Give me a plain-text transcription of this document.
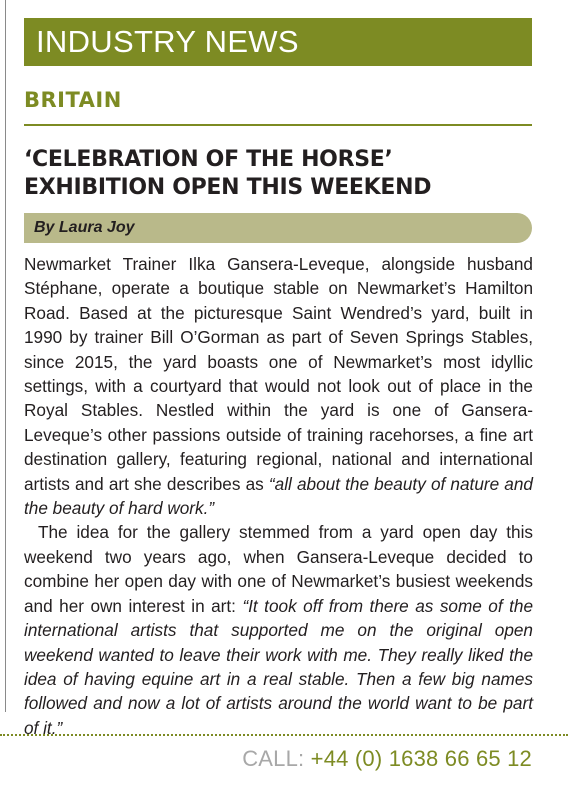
INDUSTRY NEWS
BRITAIN
‘CELEBRATION OF THE HORSE’
EXHIBITION OPEN THIS WEEKEND
By Laura Joy

Newmarket Trainer Ilka Gansera-Leveque, alongside husband Stéphane, operate a boutique stable on Newmarket’s Hamilton Road. Based at the picturesque Saint Wendred’s yard, built in 1990 by trainer Bill O’Gorman as part of Seven Springs Stables, since 2015, the yard boasts one of Newmarket’s most idyllic settings, with a courtyard that would not look out of place in the Royal Stables. Nestled within the yard is one of Gansera-Leveque’s other passions outside of training racehorses, a fine art destination gallery, featuring regional, national and international artists and art she describes as “all about the beauty of nature and the beauty of hard work.”

The idea for the gallery stemmed from a yard open day this weekend two years ago, when Gansera-Leveque decided to combine her open day with one of Newmarket’s busiest weekends and her own interest in art: “It took off from there as some of the international artists that supported me on the original open weekend wanted to leave their work with me. They really liked the idea of having equine art in a real stable. Then a few big names followed and now a lot of artists around the world want to be part of it.”

CALL: +44 (0) 1638 66 65 12
